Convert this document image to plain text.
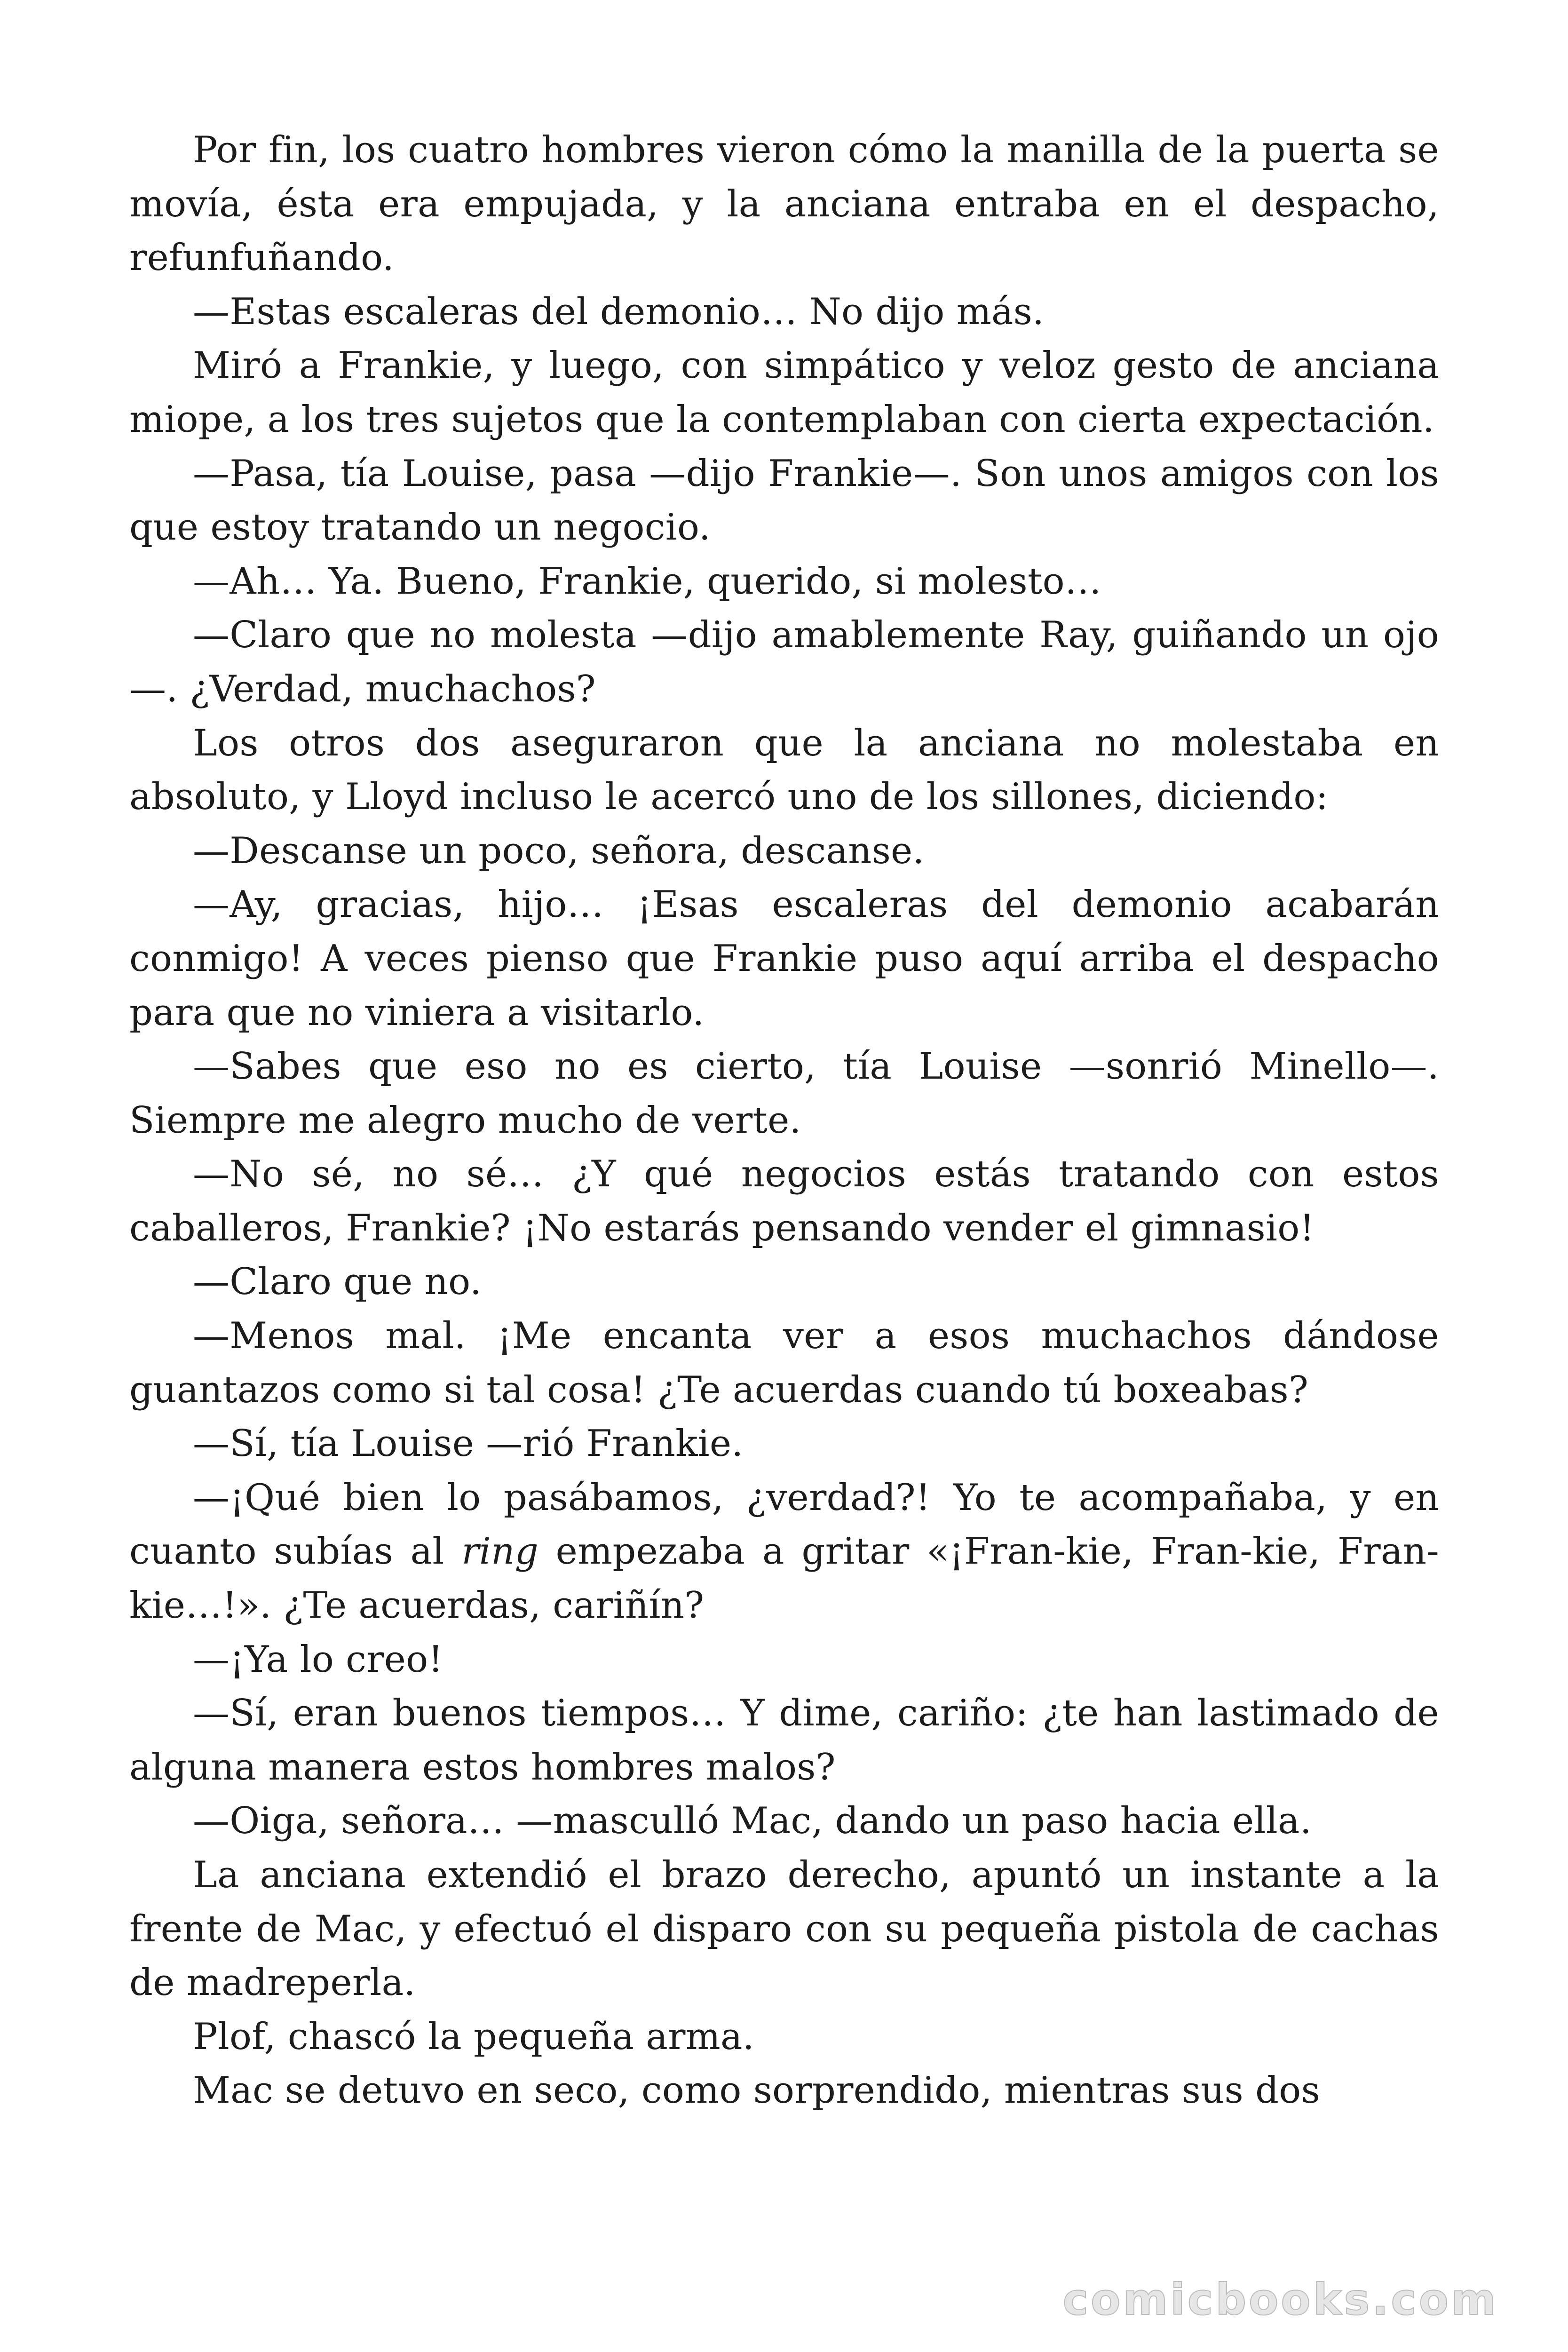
Por fin, los cuatro hombres vieron cómo la manilla de la puerta se movía, ésta era empujada, y la anciana entraba en el despacho, refunfuñando.

—Estas escaleras del demonio… No dijo más.

Miró a Frankie, y luego, con simpático y veloz gesto de anciana miope, a los tres sujetos que la contemplaban con cierta expectación.

—Pasa, tía Louise, pasa —dijo Frankie—. Son unos amigos con los que estoy tratando un negocio.

—Ah… Ya. Bueno, Frankie, querido, si molesto…

—Claro que no molesta —dijo amablemente Ray, guiñando un ojo—. ¿Verdad, muchachos?

Los otros dos aseguraron que la anciana no molestaba en absoluto, y Lloyd incluso le acercó uno de los sillones, diciendo:

—Descanse un poco, señora, descanse.

—Ay, gracias, hijo… ¡Esas escaleras del demonio acabarán conmigo! A veces pienso que Frankie puso aquí arriba el despacho para que no viniera a visitarlo.

—Sabes que eso no es cierto, tía Louise —sonrió Minello—. Siempre me alegro mucho de verte.

—No sé, no sé… ¿Y qué negocios estás tratando con estos caballeros, Frankie? ¡No estarás pensando vender el gimnasio!

—Claro que no.

—Menos mal. ¡Me encanta ver a esos muchachos dándose guantazos como si tal cosa! ¿Te acuerdas cuando tú boxeabas?

—Sí, tía Louise —rió Frankie.

—¡Qué bien lo pasábamos, ¿verdad?! Yo te acompañaba, y en cuanto subías al ring empezaba a gritar «¡Fran-kie, Fran-kie, Fran-kie…!». ¿Te acuerdas, cariñín?

—¡Ya lo creo!

—Sí, eran buenos tiempos… Y dime, cariño: ¿te han lastimado de alguna manera estos hombres malos?

—Oiga, señora… —masculló Mac, dando un paso hacia ella.

La anciana extendió el brazo derecho, apuntó un instante a la frente de Mac, y efectuó el disparo con su pequeña pistola de cachas de madreperla.

Plof, chascó la pequeña arma.

Mac se detuvo en seco, como sorprendido, mientras sus dos

comicbooks.com
